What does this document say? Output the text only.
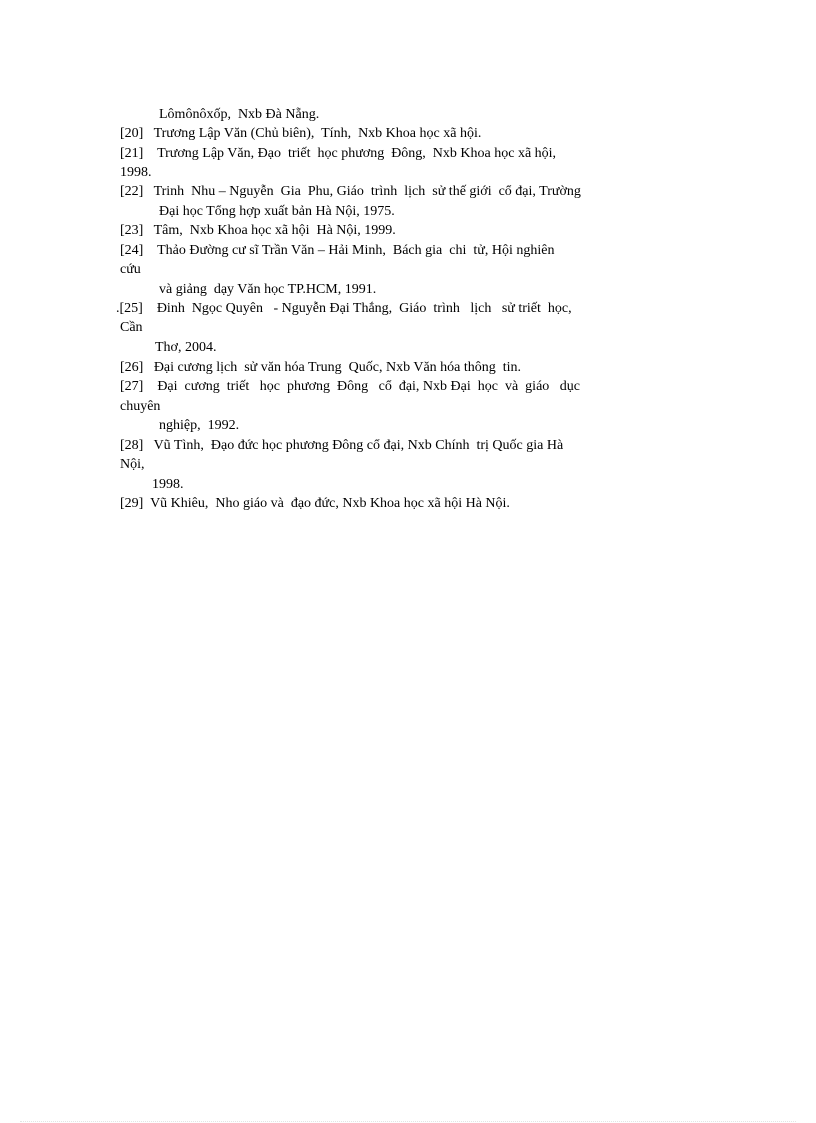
Lômônôxốp,  Nxb Đà Nẵng.
[20]   Trương Lập Văn (Chủ biên),  Tính,  Nxb Khoa học xã hội.
[21]    Trương Lập Văn, Đạo  triết  học phương  Đông,  Nxb Khoa học xã hội,
1998.
[22]   Trinh  Nhu – Nguyễn  Gia  Phu, Giáo  trình  lịch  sử thế giới  cổ đại, Trường
Đại học Tổng hợp xuất bản Hà Nội, 1975.
[23]   Tâm,  Nxb Khoa học xã hội  Hà Nội, 1999.
[24]    Thảo Đường cư sĩ Trần Văn – Hải Minh,  Bách gia  chi  tử, Hội nghiên
cứu
và giảng  dạy Văn học TP.HCM, 1991.
.[25]    Đinh  Ngọc Quyên   - Nguyễn Đại Thắng,  Giáo  trình   lịch   sử triết  học,
Cần
Thơ, 2004.
[26]   Đại cương lịch  sử văn hóa Trung  Quốc, Nxb Văn hóa thông  tin.
[27]    Đại  cương  triết   học  phương  Đông   cổ  đại, Nxb Đại  học  và  giáo   dục
chuyên
nghiệp,  1992.
[28]   Vũ Tình,  Đạo đức học phương Đông cổ đại, Nxb Chính  trị Quốc gia Hà
Nội,
1998.
[29]  Vũ Khiêu,  Nho giáo và  đạo đức, Nxb Khoa học xã hội Hà Nội.
